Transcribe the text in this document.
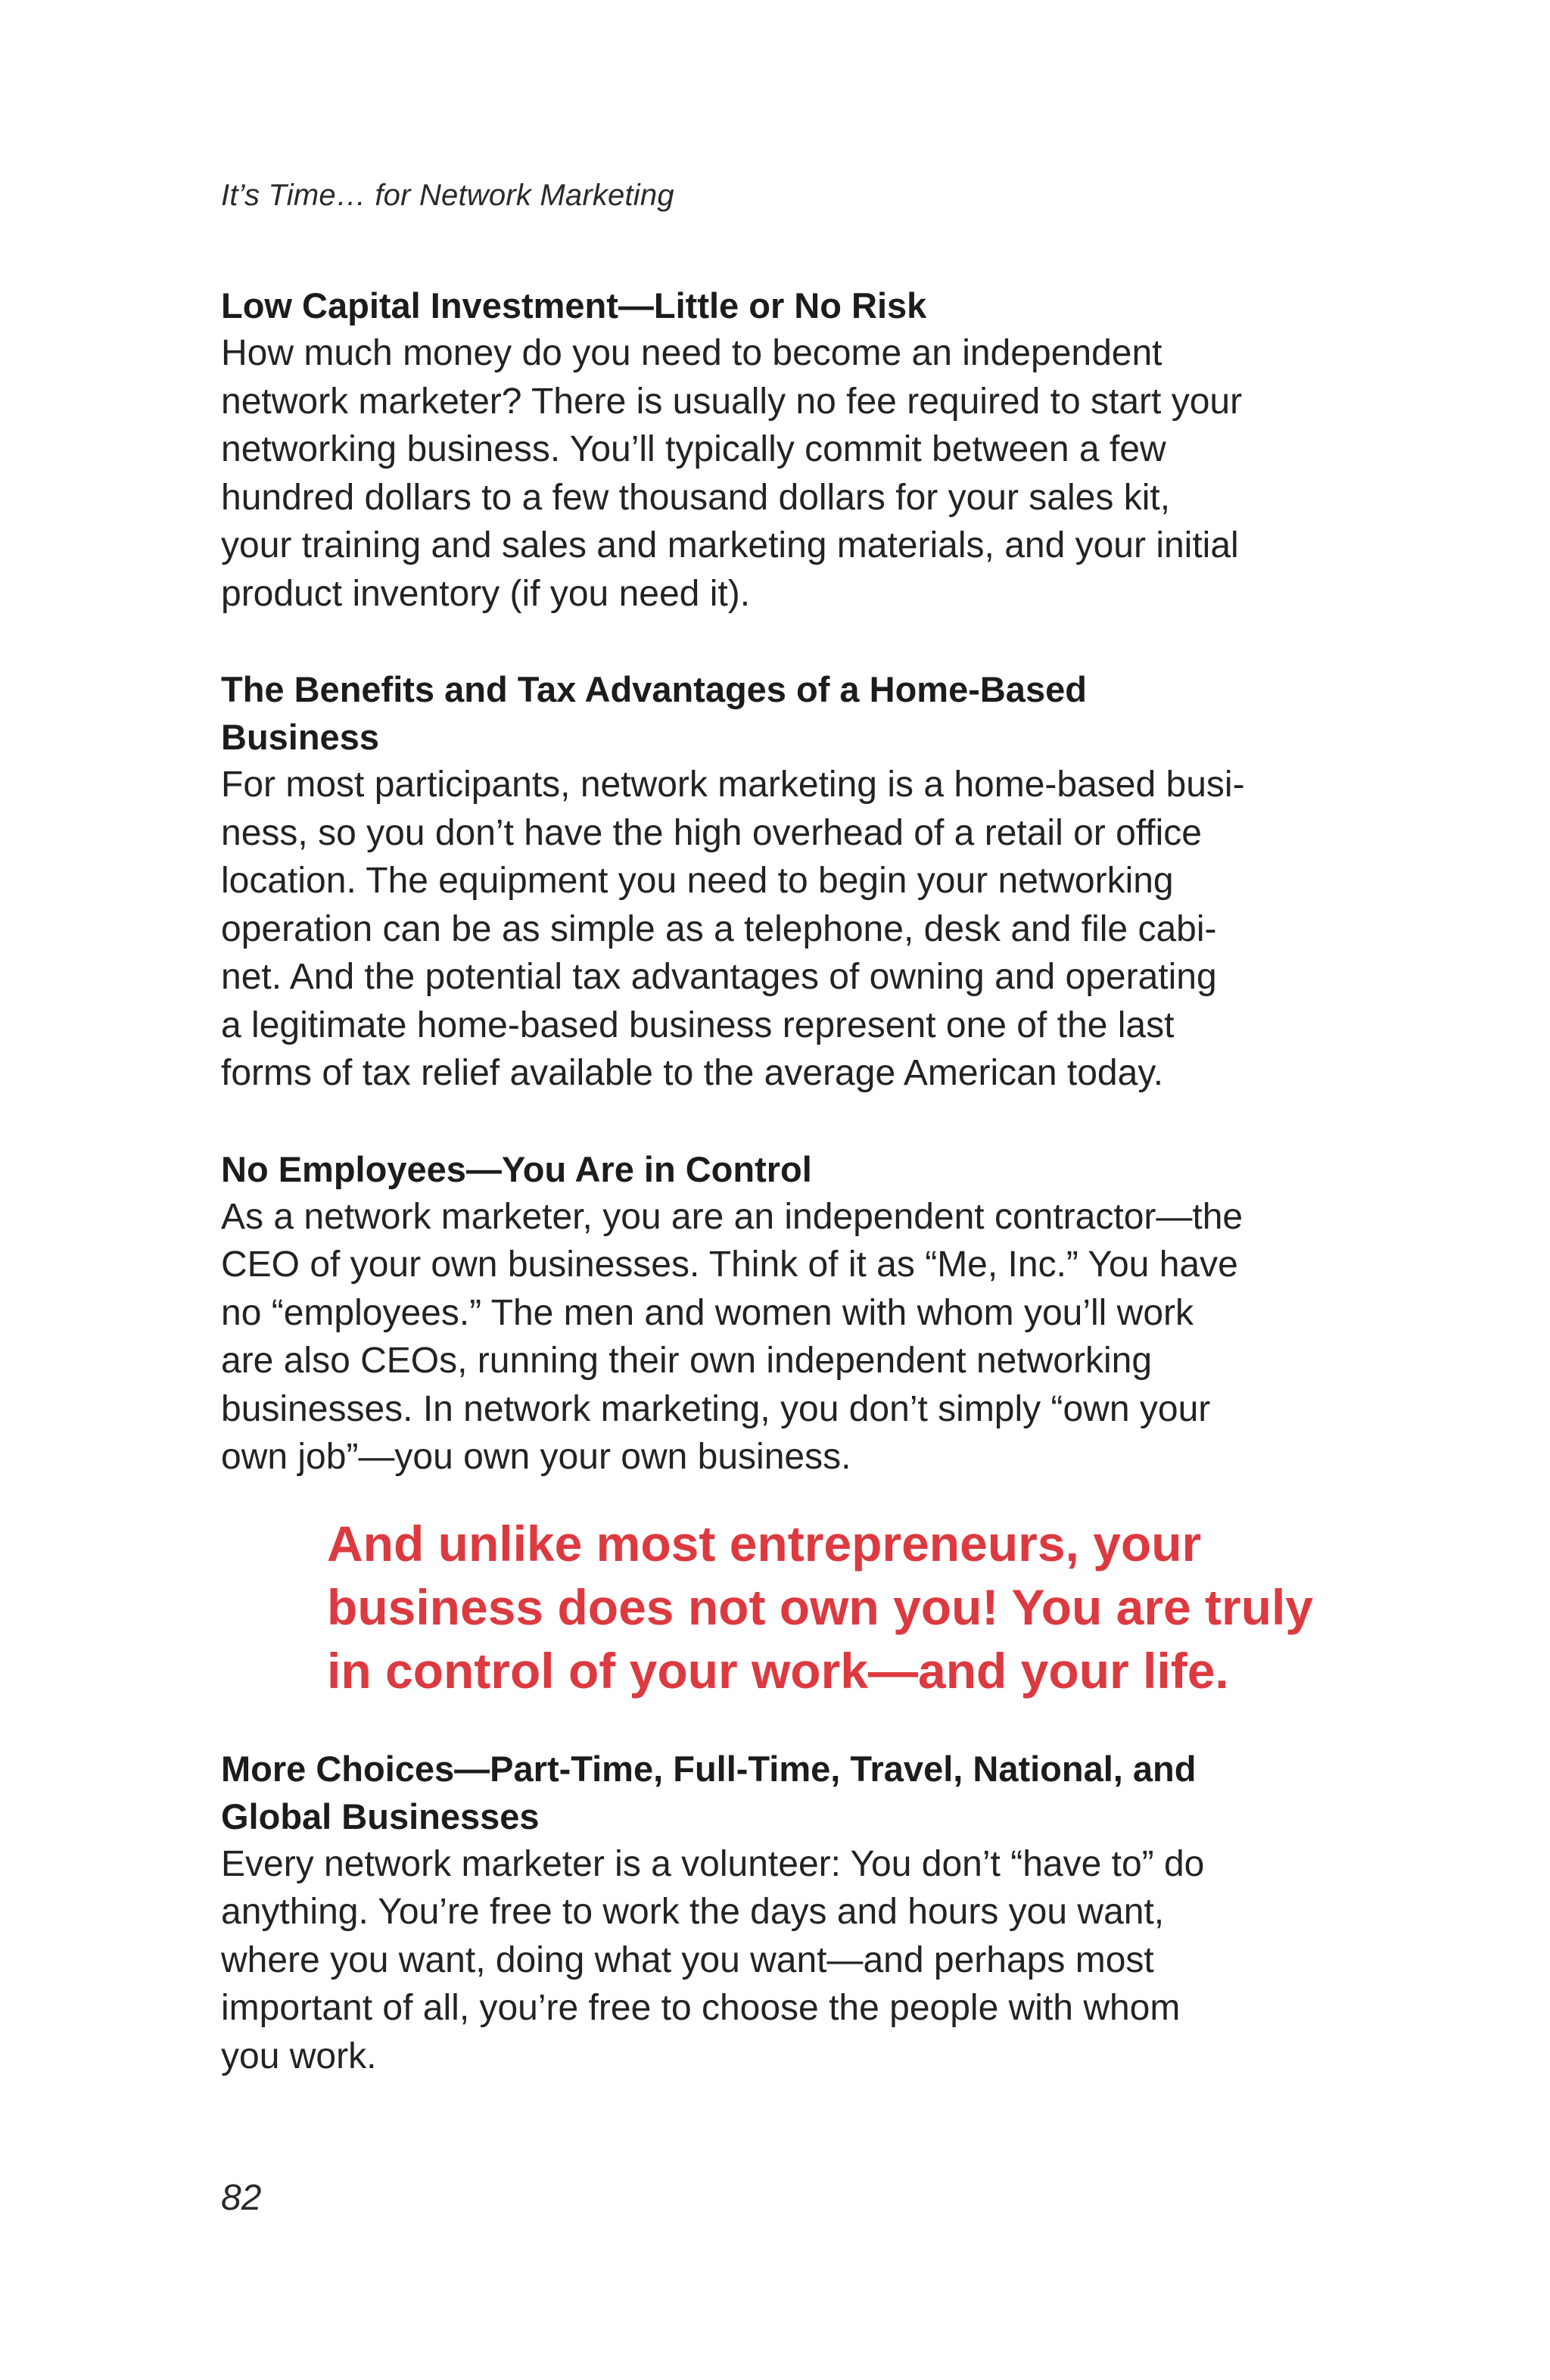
It’s Time… for Network Marketing
Low Capital Investment—Little or No Risk

How much money do you need to become an independent
network marketer? There is usually no fee required to start your
networking business. You’ll typically commit between a few
hundred dollars to a few thousand dollars for your sales kit,
your training and sales and marketing materials, and your initial
product inventory (if you need it).

The Benefits and Tax Advantages of a Home-Based
Business

For most participants, network marketing is a home-based busi-
ness, so you don’t have the high overhead of a retail or office
location. The equipment you need to begin your networking
operation can be as simple as a telephone, desk and file cabi-
net. And the potential tax advantages of owning and operating
a legitimate home-based business represent one of the last
forms of tax relief available to the average American today.

No Employees—You Are in Control

As a network marketer, you are an independent contractor—the
CEO of your own businesses. Think of it as “Me, Inc.” You have
no “employees.” The men and women with whom you’ll work
are also CEOs, running their own independent networking
businesses. In network marketing, you don’t simply “own your
own job”—you own your own business.

And unlike most entrepreneurs, your
business does not own you! You are truly
in control of your work—and your life.
More Choices—Part-Time, Full-Time, Travel, National, and
Global Businesses

Every network marketer is a volunteer: You don’t “have to” do
anything. You’re free to work the days and hours you want,
where you want, doing what you want—and perhaps most
important of all, you’re free to choose the people with whom
you work.

82
